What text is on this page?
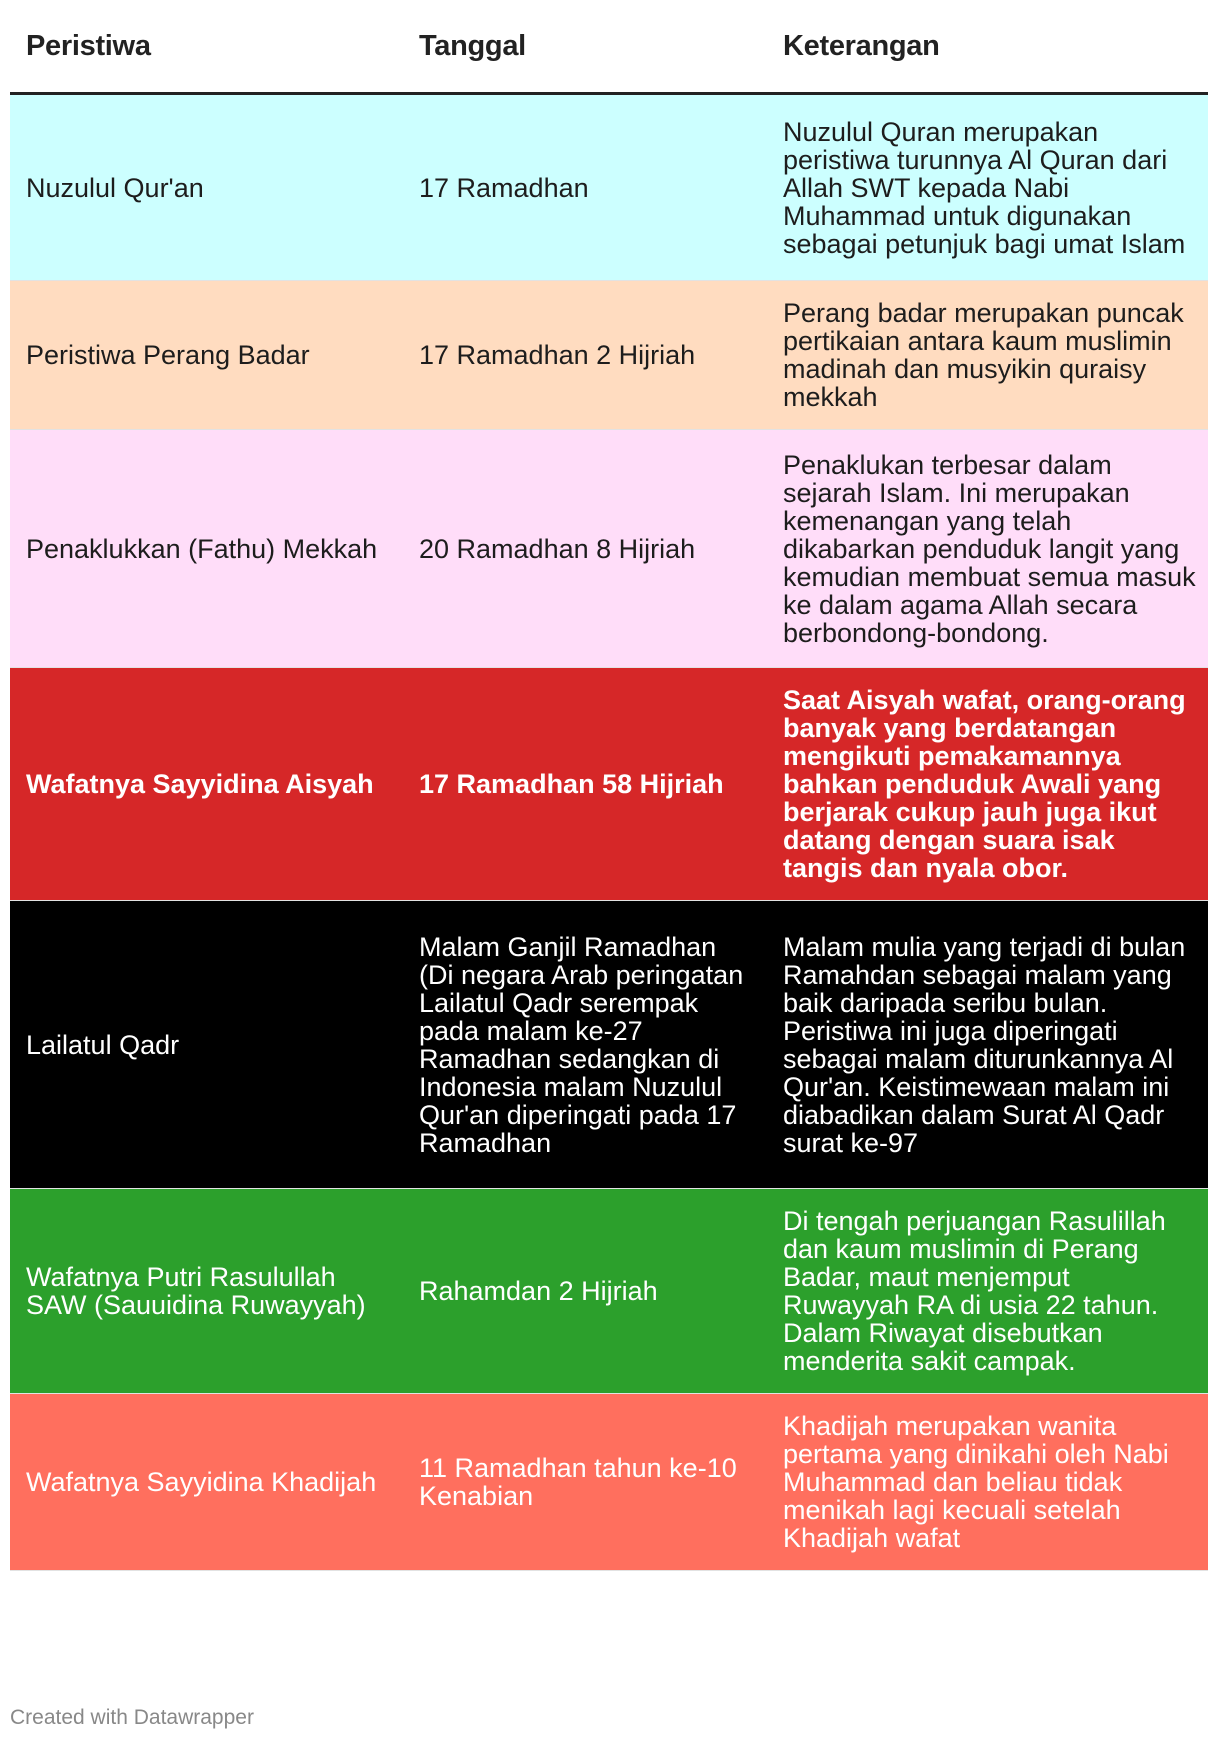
Peristiwa	Tanggal	Keterangan
Nuzulul Qur'an	17 Ramadhan	Nuzulul Quran merupakan peristiwa turunnya Al Quran dari Allah SWT kepada Nabi Muhammad untuk digunakan sebagai petunjuk bagi umat Islam
Peristiwa Perang Badar	17 Ramadhan 2 Hijriah	Perang badar merupakan puncak pertikaian antara kaum muslimin madinah dan musyikin quraisy mekkah
Penaklukkan (Fathu) Mekkah	20 Ramadhan 8 Hijriah	Penaklukan terbesar dalam sejarah Islam. Ini merupakan kemenangan yang telah dikabarkan penduduk langit yang kemudian membuat semua masuk ke dalam agama Allah secara berbondong-bondong.
Wafatnya Sayyidina Aisyah	17 Ramadhan 58 Hijriah	Saat Aisyah wafat, orang-orang banyak yang berdatangan mengikuti pemakamannya bahkan penduduk Awali yang berjarak cukup jauh juga ikut datang dengan suara isak tangis dan nyala obor.
Lailatul Qadr	Malam Ganjil Ramadhan (Di negara Arab peringatan Lailatul Qadr serempak pada malam ke-27 Ramadhan sedangkan di Indonesia malam Nuzulul Qur'an diperingati pada 17 Ramadhan	Malam mulia yang terjadi di bulan Ramahdan sebagai malam yang baik daripada seribu bulan. Peristiwa ini juga diperingati sebagai malam diturunkannya Al Qur'an. Keistimewaan malam ini diabadikan dalam Surat Al Qadr surat ke-97
Wafatnya Putri Rasulullah SAW (Sauuidina Ruwayyah)	Rahamdan 2 Hijriah	Di tengah perjuangan Rasulillah dan kaum muslimin di Perang Badar, maut menjemput Ruwayyah RA di usia 22 tahun. Dalam Riwayat disebutkan menderita sakit campak.
Wafatnya Sayyidina Khadijah	11 Ramadhan tahun ke-10 Kenabian	Khadijah merupakan wanita pertama yang dinikahi oleh Nabi Muhammad dan beliau tidak menikah lagi kecuali setelah Khadijah wafat
Created with Datawrapper
